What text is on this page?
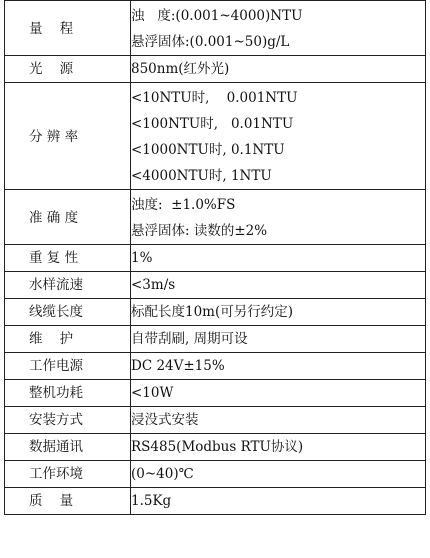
量    程	浊   度:(0.001~4000)NTU
悬浮固体:(0.001~50)g/L

光    源	850nm(红外光)

分 辨 率	<10NTU时,    0.001NTU
<100NTU时,   0.01NTU
<1000NTU时, 0.1NTU
<4000NTU时, 1NTU

准 确 度	浊度:  ±1.0%FS
悬浮固体: 读数的±2%

重 复 性	1%

水样流速	<3m/s

线缆长度	标配长度10m(可另行约定)

维    护	自带刮刷, 周期可设

工作电源	DC 24V±15%

整机功耗	<10W

安装方式	浸没式安装

数据通讯	RS485(Modbus RTU协议)

工作环境	(0~40)℃

质    量	1.5Kg
